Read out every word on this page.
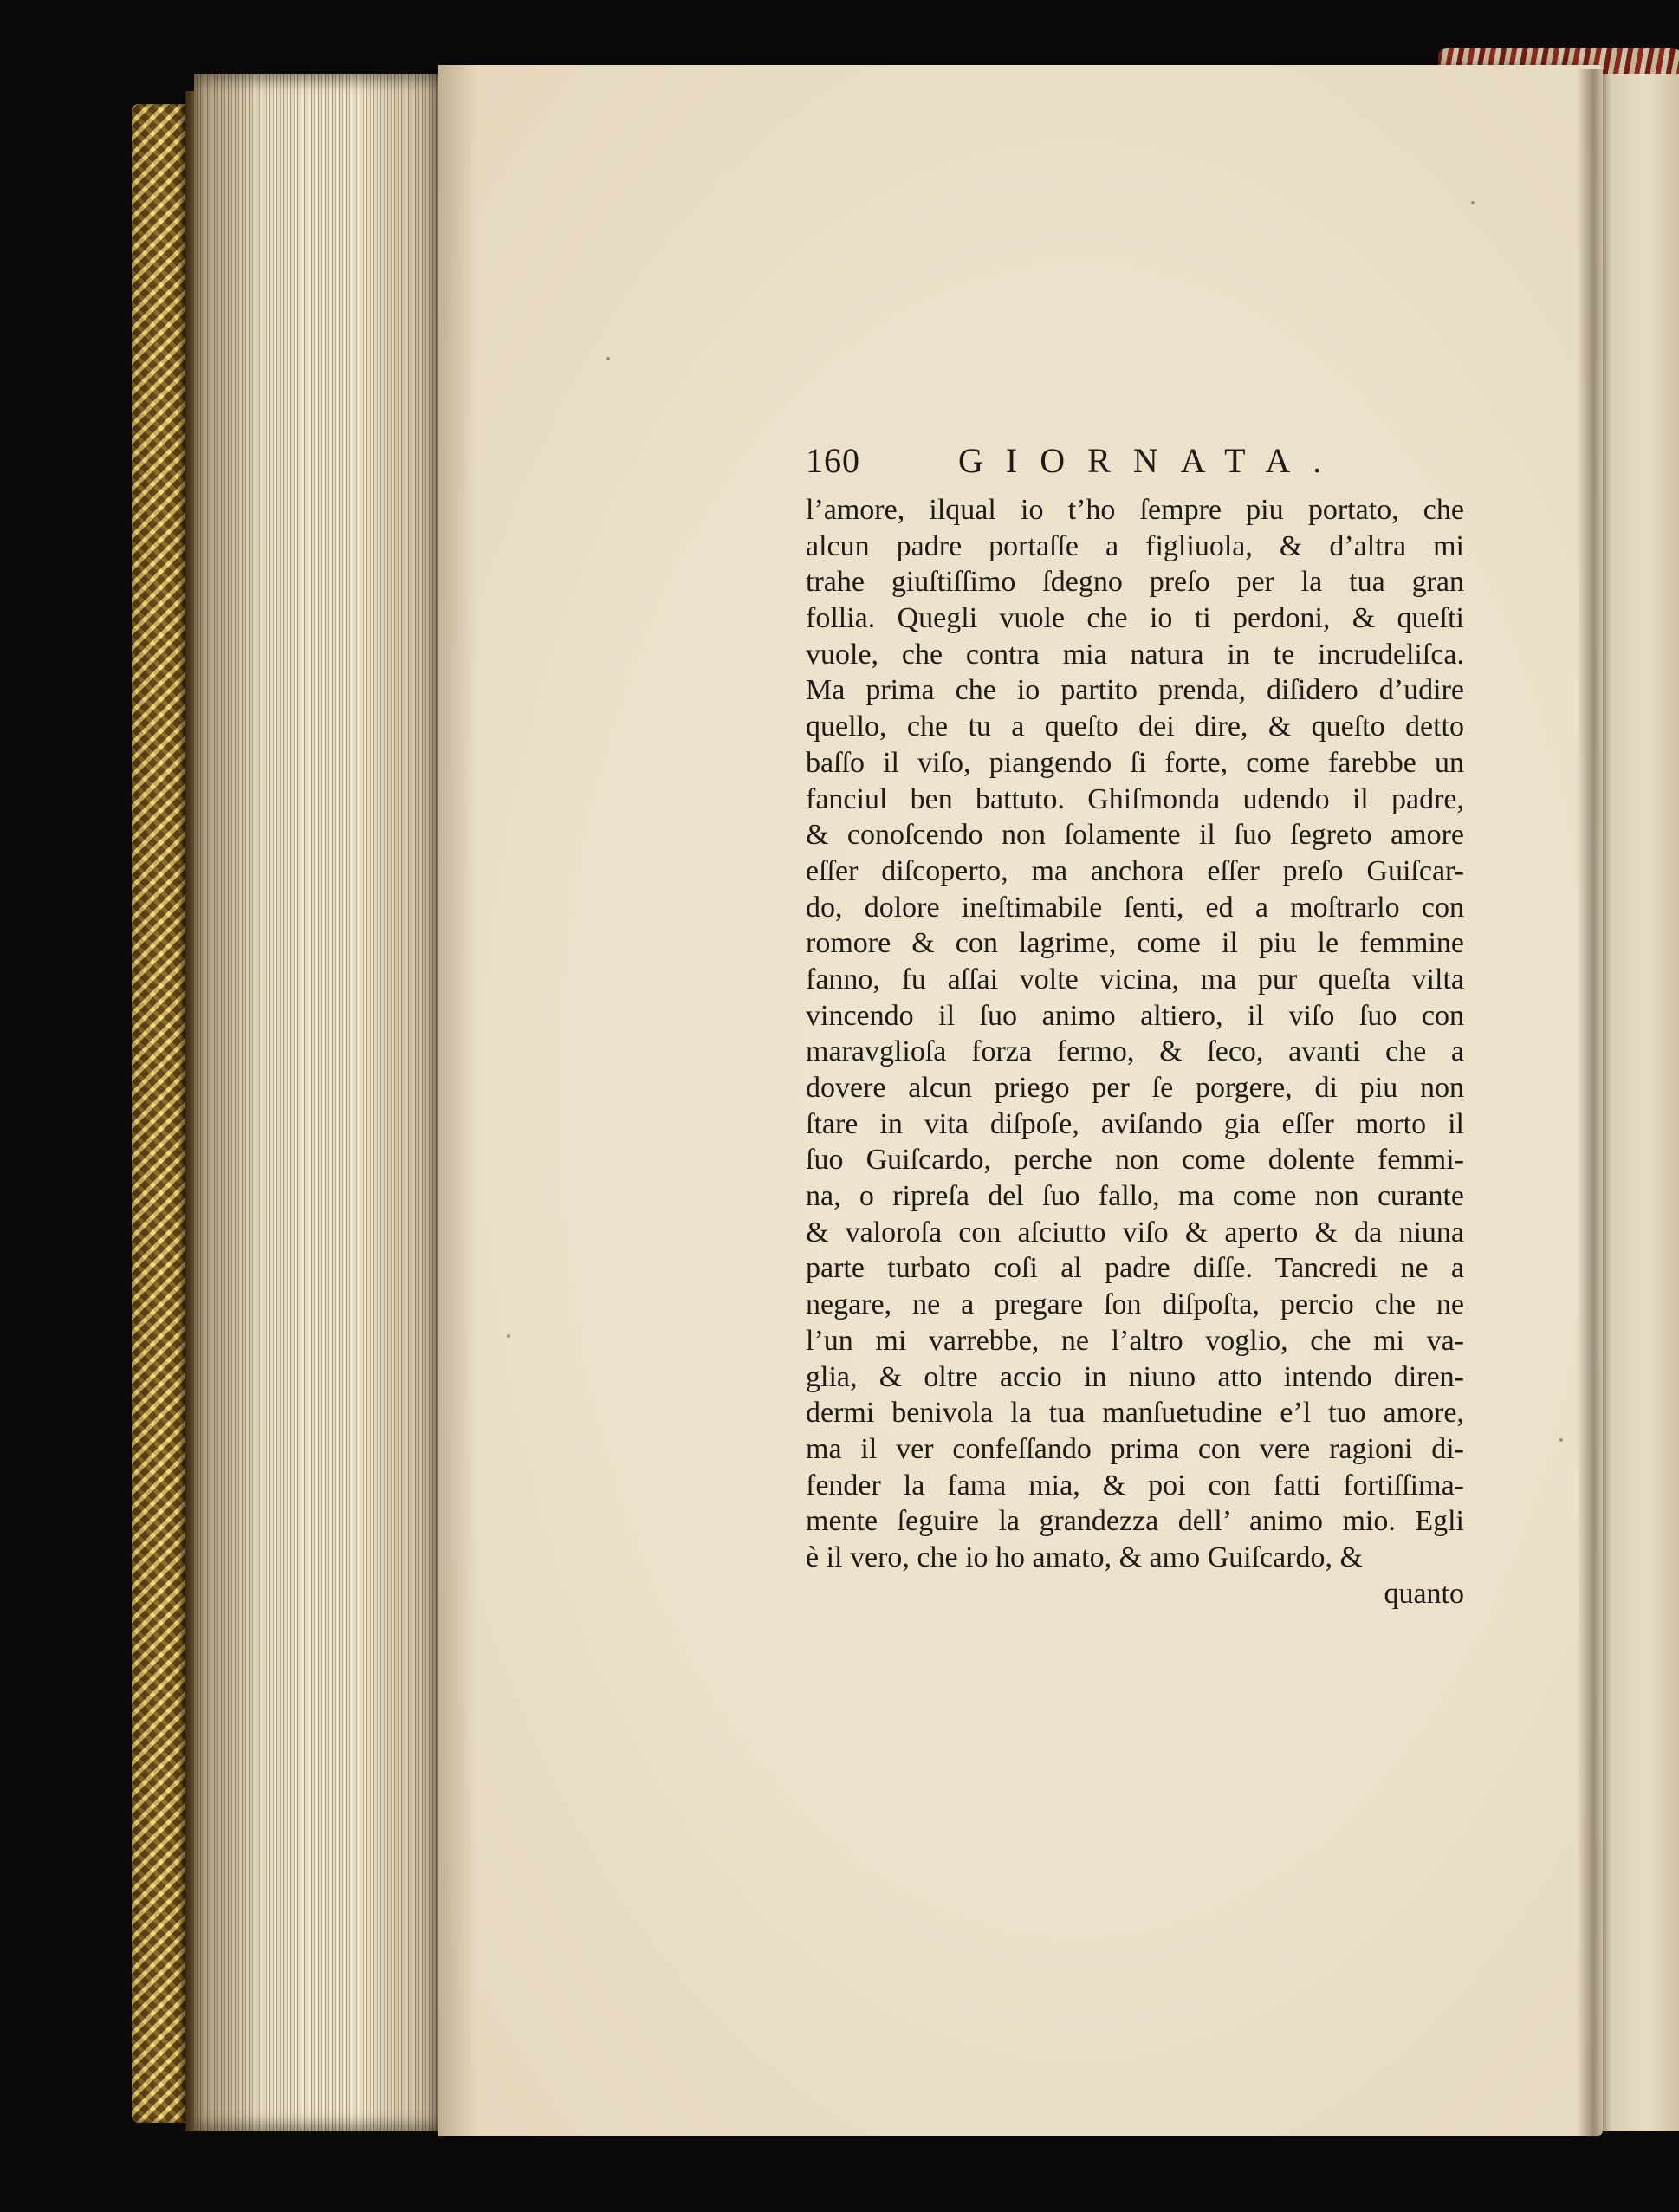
160	GIORNATA.
l’amore, ilqual io t’ho ſempre piu portato, che
alcun padre portaſſe a figliuola, & d’altra mi
trahe giuſtiſſimo ſdegno preſo per la tua gran
follia. Quegli vuole che io ti perdoni, & queſti
vuole, che contra mia natura in te incrudeliſca.
Ma prima che io partito prenda, diſidero d’udire
quello, che tu a queſto dei dire, & queſto detto
baſſo il viſo, piangendo ſi forte, come farebbe un
fanciul ben battuto. Ghiſmonda udendo il padre,
& conoſcendo non ſolamente il ſuo ſegreto amore
eſſer diſcoperto, ma anchora eſſer preſo Guiſcar-
do, dolore ineſtimabile ſenti, ed a moſtrarlo con
romore & con lagrime, come il piu le femmine
fanno, fu aſſai volte vicina, ma pur queſta vilta
vincendo il ſuo animo altiero, il viſo ſuo con
maravglioſa forza fermo, & ſeco, avanti che a
dovere alcun priego per ſe porgere, di piu non
ſtare in vita diſpoſe, aviſando gia eſſer morto il
ſuo Guiſcardo, perche non come dolente femmi-
na, o ripreſa del ſuo fallo, ma come non curante
& valoroſa con aſciutto viſo & aperto & da niuna
parte turbato coſi al padre diſſe. Tancredi ne a
negare, ne a pregare ſon diſpoſta, percio che ne
l’un mi varrebbe, ne l’altro voglio, che mi va-
glia, & oltre accio in niuno atto intendo diren-
dermi benivola la tua manſuetudine e’l tuo amore,
ma il ver confeſſando prima con vere ragioni di-
fender la fama mia, & poi con fatti fortiſſima-
mente ſeguire la grandezza dell’ animo mio. Egli
è il vero, che io ho amato, & amo Guiſcardo, &
quanto
